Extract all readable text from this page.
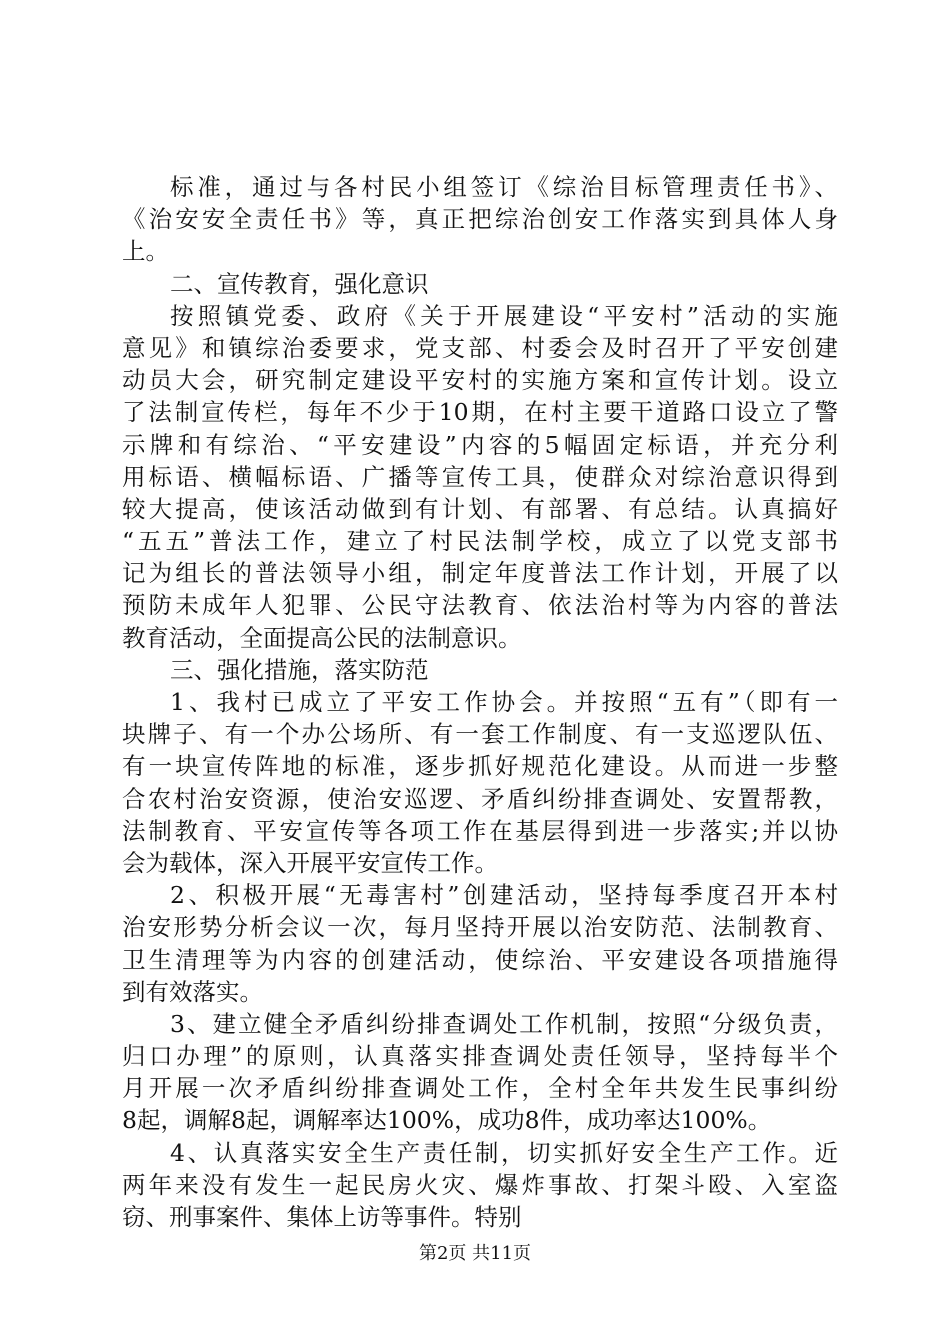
标准，通过与各村民小组签订《综治目标管理责任书》、
《治安安全责任书》等，真正把综治创安工作落实到具体人身
上。
二、宣传教育，强化意识
按照镇党委、政府《关于开展建设“平安村”活动的实施
意见》和镇综治委要求，党支部、村委会及时召开了平安创建
动员大会，研究制定建设平安村的实施方案和宣传计划。设立
了法制宣传栏，每年不少于10期，在村主要干道路口设立了警
示牌和有综治、“平安建设”内容的5幅固定标语，并充分利
用标语、横幅标语、广播等宣传工具，使群众对综治意识得到
较大提高，使该活动做到有计划、有部署、有总结。认真搞好
“五五”普法工作，建立了村民法制学校，成立了以党支部书
记为组长的普法领导小组，制定年度普法工作计划，开展了以
预防未成年人犯罪、公民守法教育、依法治村等为内容的普法
教育活动，全面提高公民的法制意识。
三、强化措施，落实防范
1、我村已成立了平安工作协会。并按照“五有”（即有一
块牌子、有一个办公场所、有一套工作制度、有一支巡逻队伍、
有一块宣传阵地的标准，逐步抓好规范化建设。从而进一步整
合农村治安资源，使治安巡逻、矛盾纠纷排查调处、安置帮教，
法制教育、平安宣传等各项工作在基层得到进一步落实;并以协
会为载体，深入开展平安宣传工作。
2、积极开展“无毒害村”创建活动，坚持每季度召开本村
治安形势分析会议一次，每月坚持开展以治安防范、法制教育、
卫生清理等为内容的创建活动，使综治、平安建设各项措施得
到有效落实。
3、建立健全矛盾纠纷排查调处工作机制，按照“分级负责，
归口办理”的原则，认真落实排查调处责任领导，坚持每半个
月开展一次矛盾纠纷排查调处工作，全村全年共发生民事纠纷
8起，调解8起，调解率达100%，成功8件，成功率达100%。
4、认真落实安全生产责任制，切实抓好安全生产工作。近
两年来没有发生一起民房火灾、爆炸事故、打架斗殴、入室盗
窃、刑事案件、集体上访等事件。特别
第2页 共11页
